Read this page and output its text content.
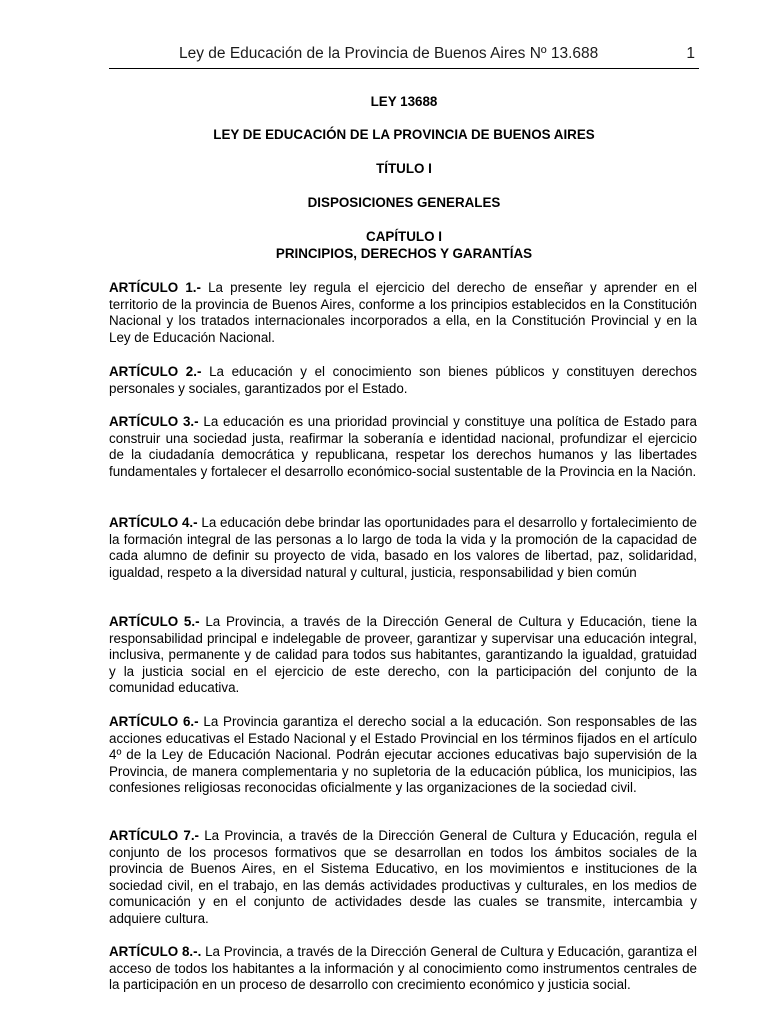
Ley de Educación de la Provincia de Buenos Aires Nº 13.688	1
LEY 13688
LEY DE EDUCACIÓN DE LA PROVINCIA DE BUENOS AIRES
TÍTULO I
DISPOSICIONES GENERALES
CAPÍTULO I
PRINCIPIOS, DERECHOS Y GARANTÍAS

ARTÍCULO 1.- La presente ley regula el ejercicio del derecho de enseñar y aprender en el territorio de la provincia de Buenos Aires, conforme a los principios establecidos en la Constitución Nacional y los tratados internacionales incorporados a ella, en la Constitución Provincial y en la Ley de Educación Nacional.

ARTÍCULO 2.- La educación y el conocimiento son bienes públicos y constituyen derechos personales y sociales, garantizados por el Estado.

ARTÍCULO 3.- La educación es una prioridad provincial y constituye una política de Estado para construir una sociedad justa, reafirmar la soberanía e identidad nacional, profundizar el ejercicio de la ciudadanía democrática y republicana, respetar los derechos humanos y las libertades fundamentales y fortalecer el desarrollo económico-social sustentable de la Provincia en la Nación.

ARTÍCULO 4.- La educación debe brindar las oportunidades para el desarrollo y fortalecimiento de la formación integral de las personas a lo largo de toda la vida y la promoción de la capacidad de cada alumno de definir su proyecto de vida, basado en los valores de libertad, paz, solidaridad, igualdad, respeto a la diversidad natural y cultural, justicia, responsabilidad y bien común

ARTÍCULO 5.- La Provincia, a través de la Dirección General de Cultura y Educación, tiene la responsabilidad principal e indelegable de proveer, garantizar y supervisar una educación integral, inclusiva, permanente y de calidad para todos sus habitantes, garantizando la igualdad, gratuidad y la justicia social en el ejercicio de este derecho, con la participación del conjunto de la comunidad educativa.

ARTÍCULO 6.- La Provincia garantiza el derecho social a la educación. Son responsables de las acciones educativas el Estado Nacional y el Estado Provincial en los términos fijados en el artículo 4º de la Ley de Educación Nacional. Podrán ejecutar acciones educativas bajo supervisión de la Provincia, de manera complementaria y no supletoria de la educación pública, los municipios, las confesiones religiosas reconocidas oficialmente y las organizaciones de la sociedad civil.

ARTÍCULO 7.- La Provincia, a través de la Dirección General de Cultura y Educación, regula el conjunto de los procesos formativos que se desarrollan en todos los ámbitos sociales de la provincia de Buenos Aires, en el Sistema Educativo, en los movimientos e instituciones de la sociedad civil, en el trabajo, en las demás actividades productivas y culturales, en los medios de comunicación y en el conjunto de actividades desde las cuales se transmite, intercambia y adquiere cultura.

ARTÍCULO 8.-. La Provincia, a través de la Dirección General de Cultura y Educación, garantiza el acceso de todos los habitantes a la información y al conocimiento como instrumentos centrales de la participación en un proceso de desarrollo con crecimiento económico y justicia social.
